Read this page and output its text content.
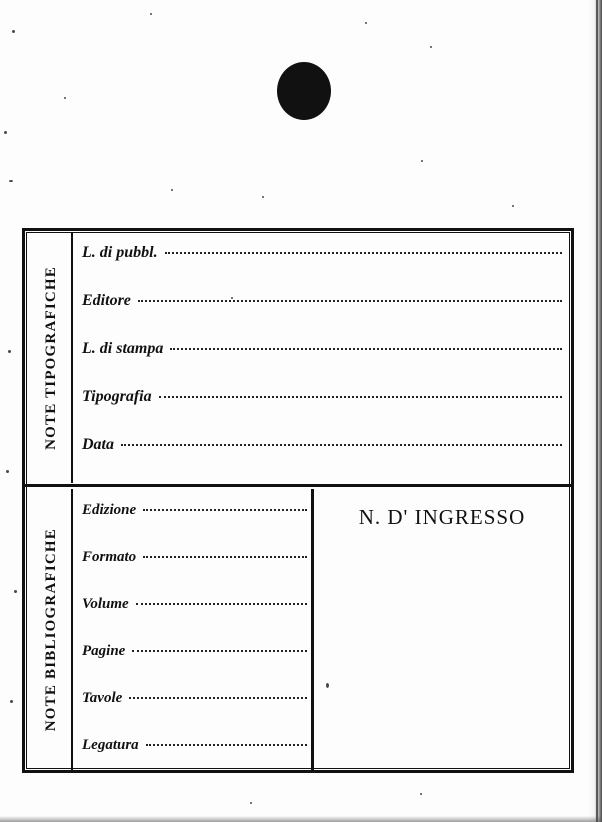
NOTE TIPOGRAFICHE
L. di pubbl.
Editore
L. di stampa
Tipografia
Data
NOTE BIBLIOGRAFICHE
Edizione
Formato
Volume
Pagine
Tavole
Legatura
N. D' INGRESSO
